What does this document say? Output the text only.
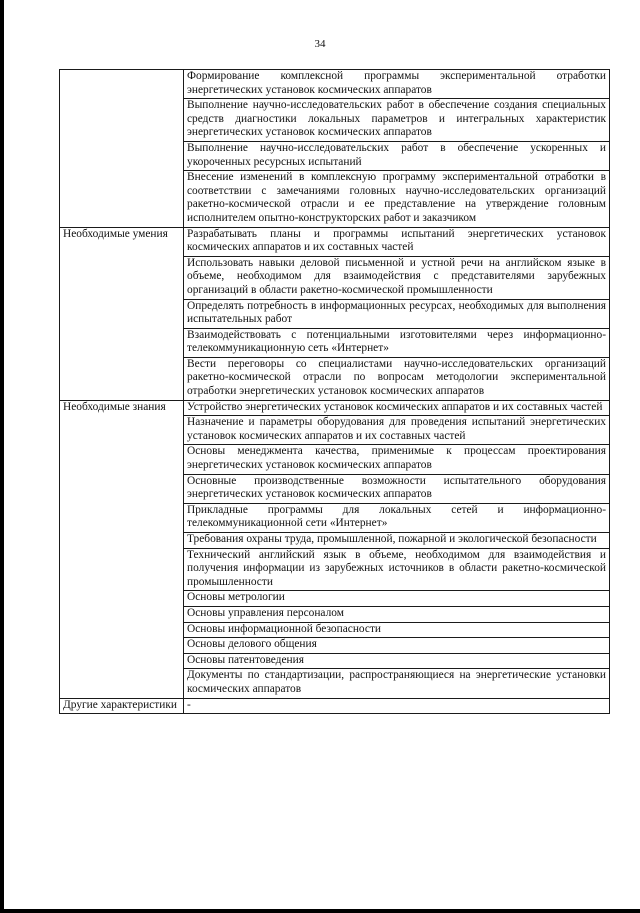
34
	Формирование комплексной программы экспериментальной отработки энергетических установок космических аппаратов
	Выполнение научно-исследовательских работ в обеспечение создания специальных средств диагностики локальных параметров и интегральных характеристик энергетических установок космических аппаратов
	Выполнение научно-исследовательских работ в обеспечение ускоренных и укороченных ресурсных испытаний
	Внесение изменений в комплексную программу экспериментальной отработки в соответствии с замечаниями головных научно-исследовательских организаций ракетно-космической отрасли и ее представление на утверждение головным исполнителем опытно-конструкторских работ и заказчиком
Необходимые умения	Разрабатывать планы и программы испытаний энергетических установок космических аппаратов и их составных частей
	Использовать навыки деловой письменной и устной речи на английском языке в объеме, необходимом для взаимодействия с представителями зарубежных организаций в области ракетно-космической промышленности
	Определять потребность в информационных ресурсах, необходимых для выполнения испытательных работ
	Взаимодействовать с потенциальными изготовителями через информационно-телекоммуникационную сеть «Интернет»
	Вести переговоры со специалистами научно-исследовательских организаций ракетно-космической отрасли по вопросам методологии экспериментальной отработки энергетических установок космических аппаратов
Необходимые знания	Устройство энергетических установок космических аппаратов и их составных частей
	Назначение и параметры оборудования для проведения испытаний энергетических установок космических аппаратов и их составных частей
	Основы менеджмента качества, применимые к процессам проектирования энергетических установок космических аппаратов
	Основные производственные возможности испытательного оборудования энергетических установок космических аппаратов
	Прикладные программы для локальных сетей и информационно-телекоммуникационной сети «Интернет»
	Требования охраны труда, промышленной, пожарной и экологической безопасности
	Технический английский язык в объеме, необходимом для взаимодействия и получения информации из зарубежных источников в области ракетно-космической промышленности
	Основы метрологии
	Основы управления персоналом
	Основы информационной безопасности
	Основы делового общения
	Основы патентоведения
	Документы по стандартизации, распространяющиеся на энергетические установки космических аппаратов
Другие характеристики	-
